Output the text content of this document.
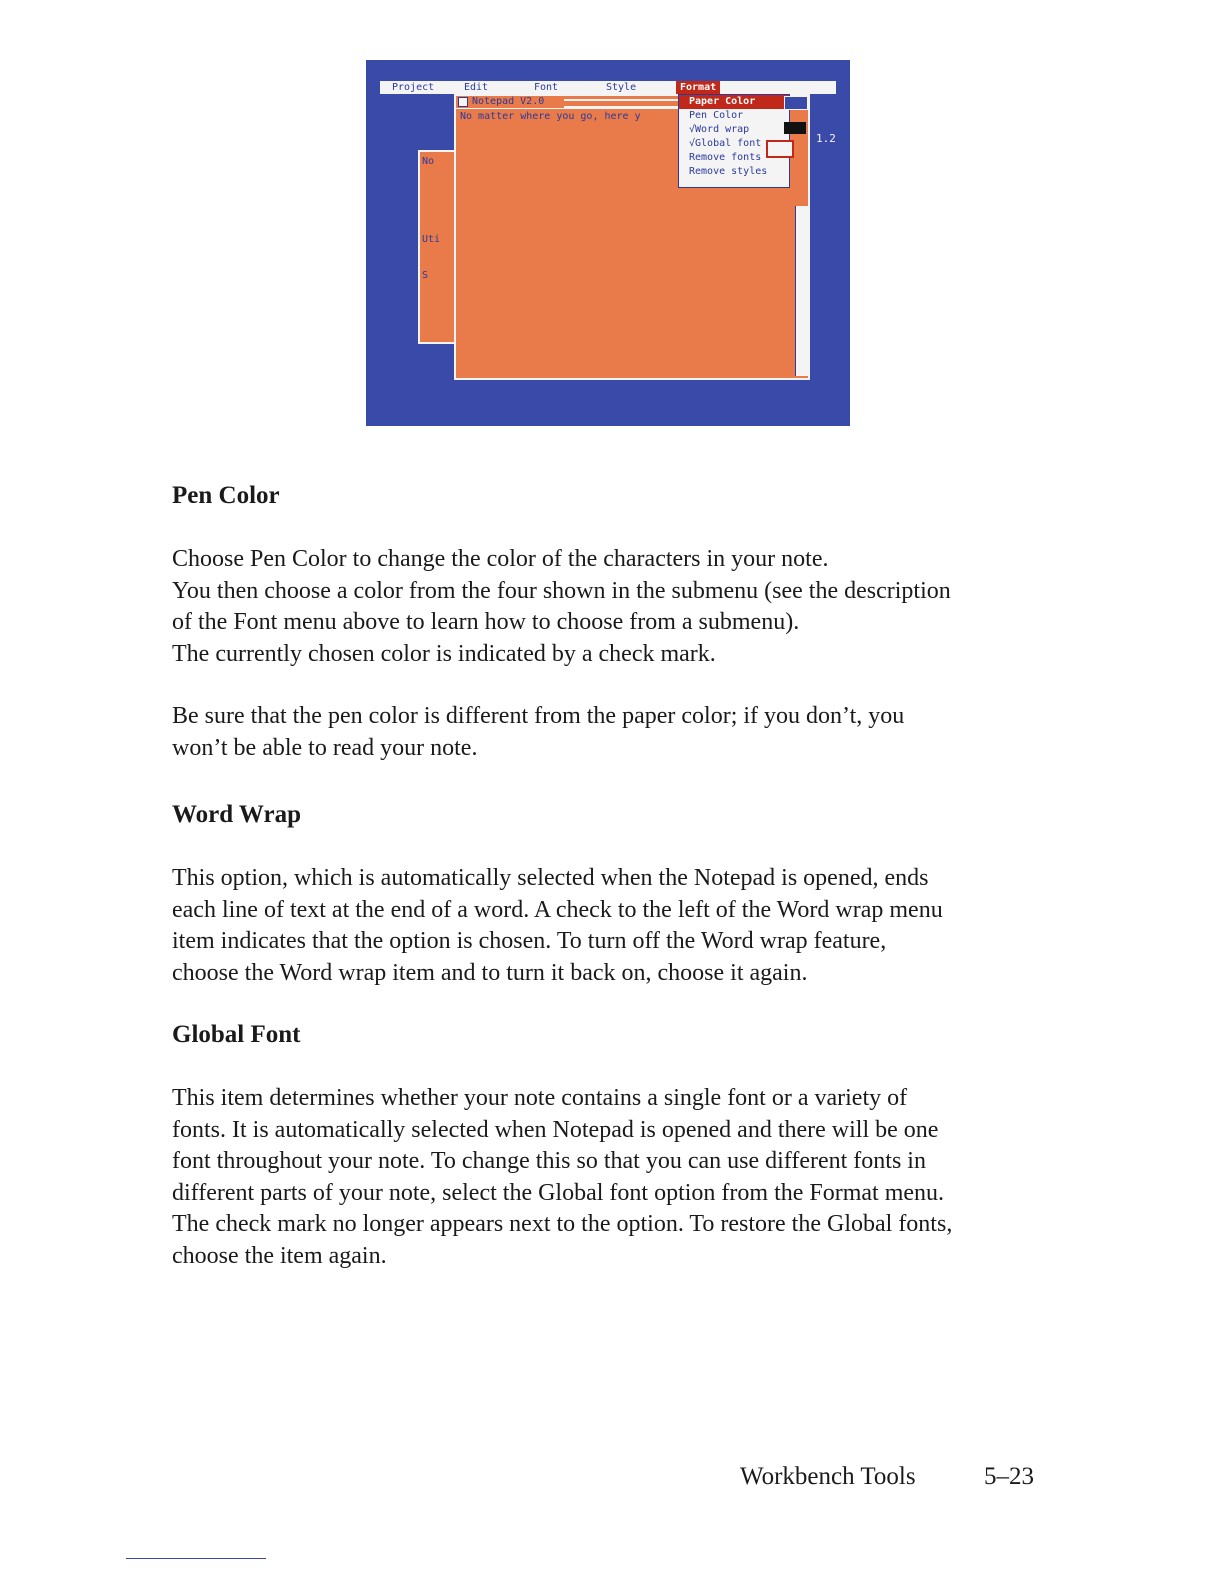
Project	Edit	Font	Style	Format
No
Uti
S
Notepad V2.0
No matter where you go, here y
Paper Color
Pen Color
√Word wrap
√Global font
Remove fonts
Remove styles
1.2
Pen Color

Choose Pen Color to change the color of the characters in your note.
You then choose a color from the four shown in the submenu (see the description
of the Font menu above to learn how to choose from a submenu).
The currently chosen color is indicated by a check mark.

Be sure that the pen color is different from the paper color; if you don’t, you
won’t be able to read your note.

Word Wrap

This option, which is automatically selected when the Notepad is opened, ends
each line of text at the end of a word. A check to the left of the Word wrap menu
item indicates that the option is chosen. To turn off the Word wrap feature,
choose the Word wrap item and to turn it back on, choose it again.

Global Font

This item determines whether your note contains a single font or a variety of
fonts. It is automatically selected when Notepad is opened and there will be one
font throughout your note. To change this so that you can use different fonts in
different parts of your note, select the Global font option from the Format menu.
The check mark no longer appears next to the option. To restore the Global fonts,
choose the item again.

Workbench Tools	5–23
